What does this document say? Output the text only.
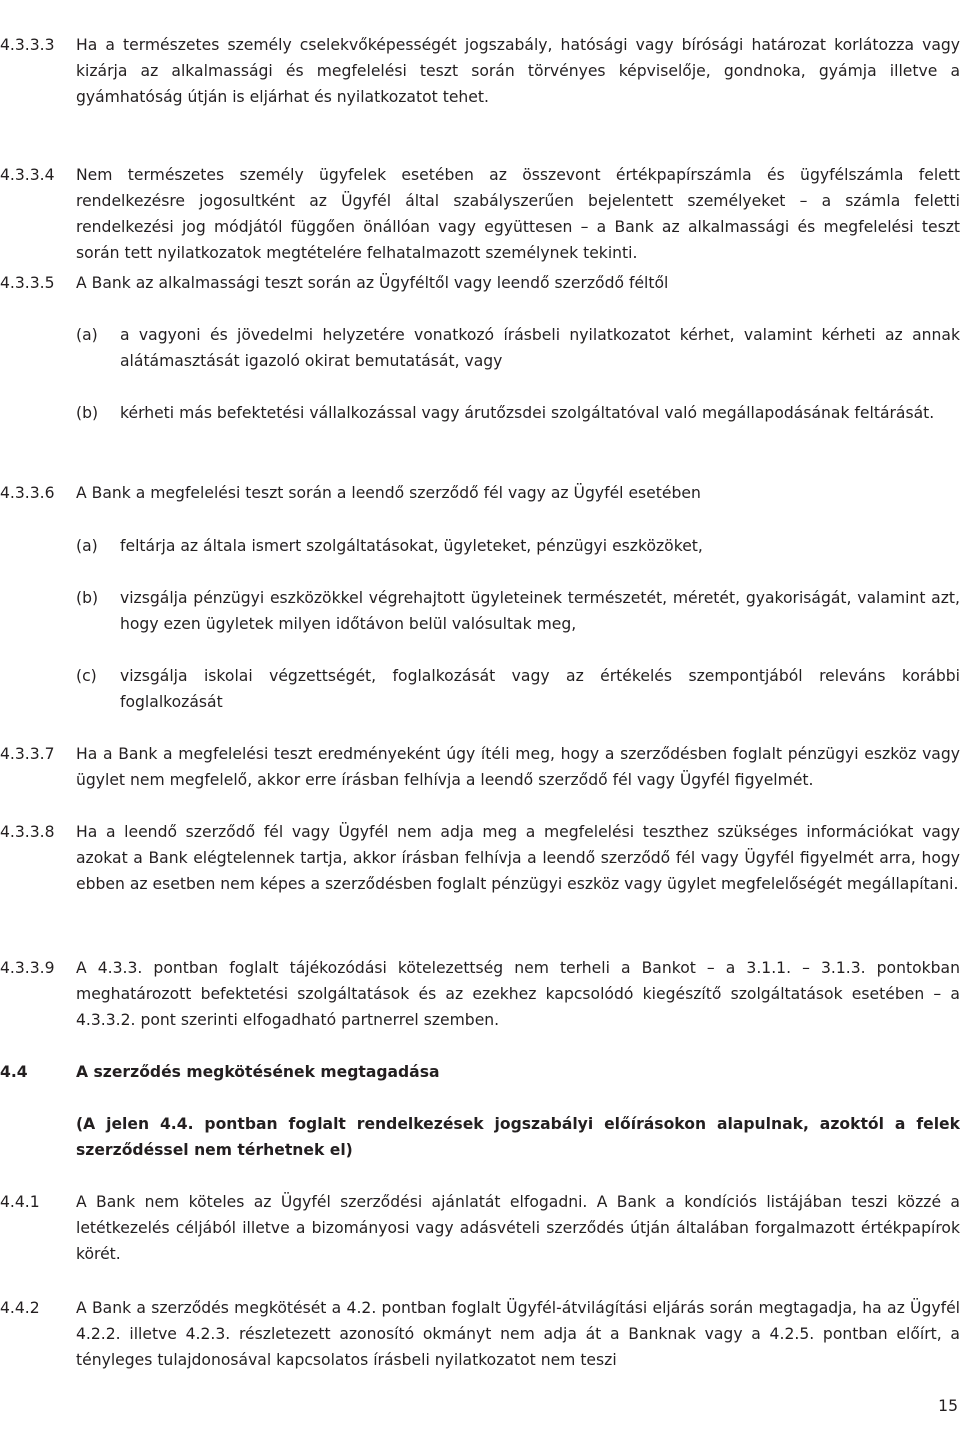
4.3.3.3 Ha a természetes személy cselekvőképességét jogszabály, hatósági vagy bírósági határozat korlátozza vagy kizárja az alkalmassági és megfelelési teszt során törvényes képviselője, gondnoka, gyámja illetve a gyámhatóság útján is eljárhat és nyilatkozatot tehet.
4.3.3.4 Nem természetes személy ügyfelek esetében az összevont értékpapírszámla és ügyfélszámla felett rendelkezésre jogosultként az Ügyfél által szabályszerűen bejelentett személyeket – a számla feletti rendelkezési jog módjától függően önállóan vagy együttesen – a Bank az alkalmassági és megfelelési teszt során tett nyilatkozatok megtételére felhatalmazott személynek tekinti.
4.3.3.5 A Bank az alkalmassági teszt során az Ügyféltől vagy leendő szerződő féltől
(a) a vagyoni és jövedelmi helyzetére vonatkozó írásbeli nyilatkozatot kérhet, valamint kérheti az annak alátámasztását igazoló okirat bemutatását, vagy
(b) kérheti más befektetési vállalkozással vagy árutőzsdei szolgáltatóval való megállapodásának feltárását.
4.3.3.6 A Bank a megfelelési teszt során a leendő szerződő fél vagy az Ügyfél esetében
(a) feltárja az általa ismert szolgáltatásokat, ügyleteket, pénzügyi eszközöket,
(b) vizsgálja pénzügyi eszközökkel végrehajtott ügyleteinek természetét, méretét, gyakoriságát, valamint azt, hogy ezen ügyletek milyen időtávon belül valósultak meg,
(c) vizsgálja iskolai végzettségét, foglalkozását vagy az értékelés szempontjából releváns korábbi foglalkozását
4.3.3.7 Ha a Bank a megfelelési teszt eredményeként úgy ítéli meg, hogy a szerződésben foglalt pénzügyi eszköz vagy ügylet nem megfelelő, akkor erre írásban felhívja a leendő szerződő fél vagy Ügyfél figyelmét.
4.3.3.8 Ha a leendő szerződő fél vagy Ügyfél nem adja meg a megfelelési teszthez szükséges információkat vagy azokat a Bank elégtelennek tartja, akkor írásban felhívja a leendő szerződő fél vagy Ügyfél figyelmét arra, hogy ebben az esetben nem képes a szerződésben foglalt pénzügyi eszköz vagy ügylet megfelelőségét megállapítani.
4.3.3.9 A 4.3.3. pontban foglalt tájékozódási kötelezettség nem terheli a Bankot – a 3.1.1. – 3.1.3. pontokban meghatározott befektetési szolgáltatások és az ezekhez kapcsolódó kiegészítő szolgáltatások esetében – a 4.3.3.2. pont szerinti elfogadható partnerrel szemben.
4.4	A szerződés megkötésének megtagadása
(A jelen 4.4. pontban foglalt rendelkezések jogszabályi előírásokon alapulnak, azoktól a felek szerződéssel nem térhetnek el)
4.4.1 A Bank nem köteles az Ügyfél szerződési ajánlatát elfogadni. A Bank a kondíciós listájában teszi közzé a letétkezelés céljából illetve a bizományosi vagy adásvételi szerződés útján általában forgalmazott értékpapírok körét.
4.4.2 A Bank a szerződés megkötését a 4.2. pontban foglalt Ügyfél-átvilágítási eljárás során megtagadja, ha az Ügyfél 4.2.2. illetve 4.2.3. részletezett azonosító okmányt nem adja át a Banknak vagy a 4.2.5. pontban előírt, a tényleges tulajdonosával kapcsolatos írásbeli nyilatkozatot nem teszi
15
